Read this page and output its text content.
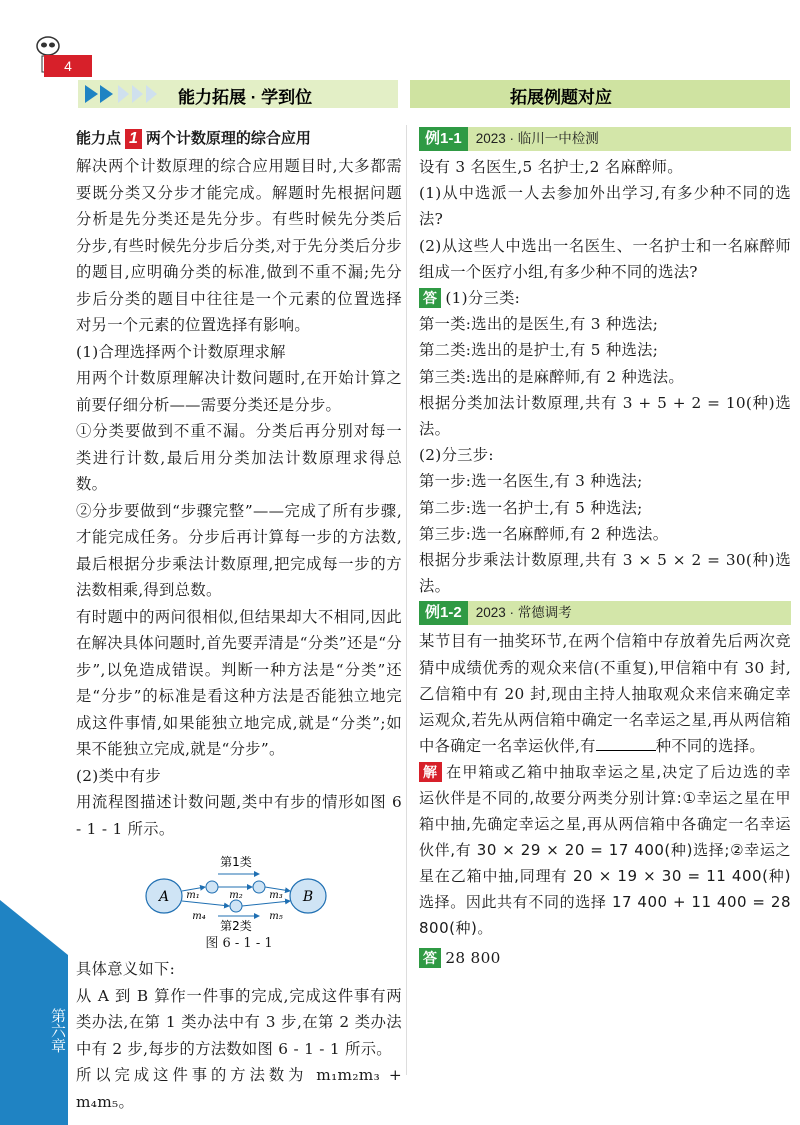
4
能力拓展 · 学到位	拓展例题对应

能力点 1 两个计数原理的综合应用

解决两个计数原理的综合应用题目时,大多都需要既分类又分步才能完成。解题时先根据问题分析是先分类还是先分步。有些时候先分类后分步,有些时候先分步后分类,对于先分类后分步的题目,应明确分类的标准,做到不重不漏;先分步后分类的题目中往往是一个元素的位置选择对另一个元素的位置选择有影响。

(1)合理选择两个计数原理求解

用两个计数原理解决计数问题时,在开始计算之前要仔细分析——需要分类还是分步。

①分类要做到不重不漏。分类后再分别对每一类进行计数,最后用分类加法计数原理求得总数。

②分步要做到“步骤完整”——完成了所有步骤,才能完成任务。分步后再计算每一步的方法数,最后根据分步乘法计数原理,把完成每一步的方法数相乘,得到总数。

有时题中的两问很相似,但结果却大不相同,因此在解决具体问题时,首先要弄清是“分类”还是“分步”,以免造成错误。判断一种方法是“分类”还是“分步”的标准是看这种方法是否能独立地完成这件事情,如果能独立地完成,就是“分类”;如果不能独立完成,就是“分步”。

(2)类中有步

用流程图描述计数问题,类中有步的情形如图 6 - 1 - 1 所示。

A	B
第1类
第2类
m₁	m₂	m₃
m₄	m₅

图 6 - 1 - 1

具体意义如下:

从 A 到 B 算作一件事的完成,完成这件事有两类办法,在第 1 类办法中有 3 步,在第 2 类办法中有 2 步,每步的方法数如图 6 - 1 - 1 所示。

所以完成这件事的方法数为 m₁m₂m₃ + m₄m₅。

例1-1 2023 · 临川一中检测

设有 3 名医生,5 名护士,2 名麻醉师。

(1)从中选派一人去参加外出学习,有多少种不同的选法?

(2)从这些人中选出一名医生、一名护士和一名麻醉师组成一个医疗小组,有多少种不同的选法?

答 (1)分三类:

第一类:选出的是医生,有 3 种选法;

第二类:选出的是护士,有 5 种选法;

第三类:选出的是麻醉师,有 2 种选法。

根据分类加法计数原理,共有 3 + 5 + 2 = 10(种)选法。

(2)分三步:

第一步:选一名医生,有 3 种选法;

第二步:选一名护士,有 5 种选法;

第三步:选一名麻醉师,有 2 种选法。

根据分步乘法计数原理,共有 3 × 5 × 2 = 30(种)选法。

例1-2 2023 · 常德调考

某节目有一抽奖环节,在两个信箱中存放着先后两次竞猜中成绩优秀的观众来信(不重复),甲信箱中有 30 封,乙信箱中有 20 封,现由主持人抽取观众来信来确定幸运观众,若先从两信箱中确定一名幸运之星,再从两信箱中各确定一名幸运伙伴,有	种不同的选择。

解 在甲箱或乙箱中抽取幸运之星,决定了后边选的幸运伙伴是不同的,故要分两类分别计算:①幸运之星在甲箱中抽,先确定幸运之星,再从两信箱中各确定一名幸运伙伴,有 30 × 29 × 20 = 17 400(种)选择;②幸运之星在乙箱中抽,同理有 20 × 19 × 30 = 11 400(种)选择。因此共有不同的选择 17 400 + 11 400 = 28 800(种)。

答 28 800

第六章
